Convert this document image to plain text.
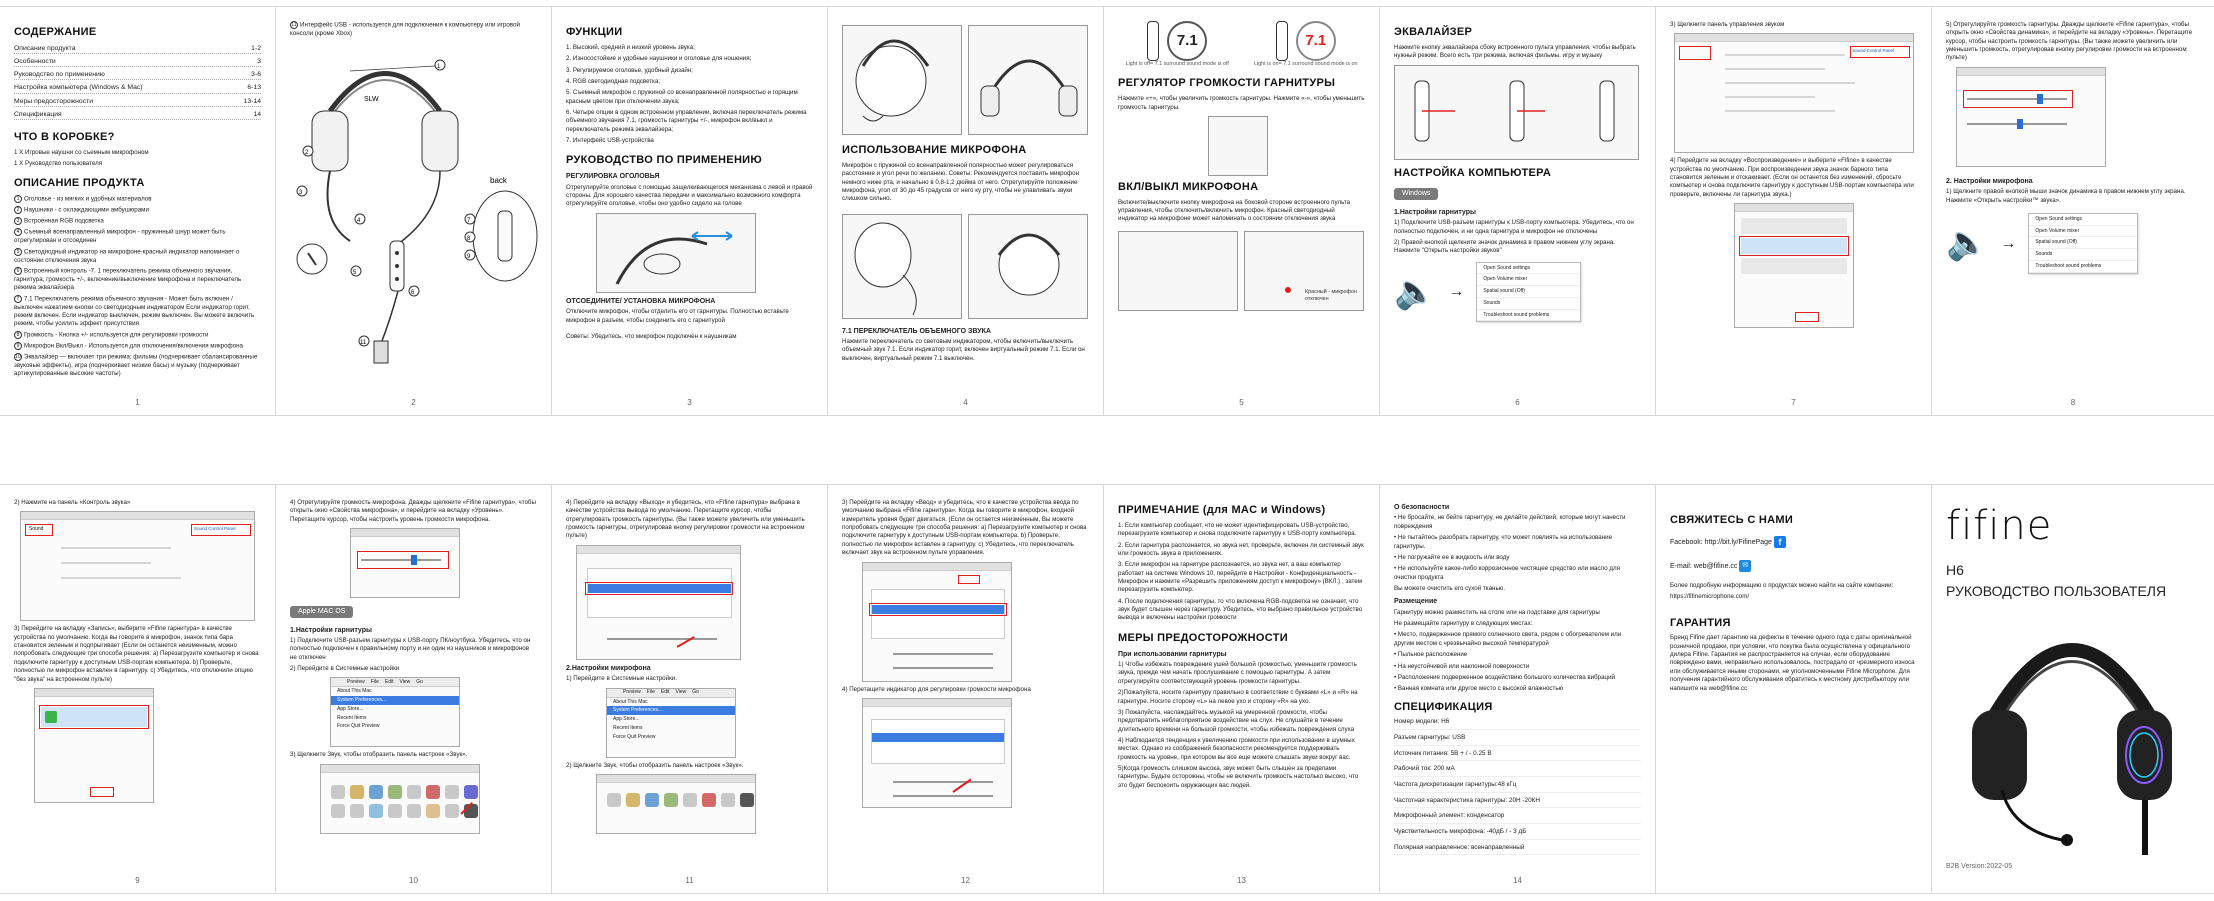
СОДЕРЖАНИЕ
Описание продукта	1-2
Особенности	3
Руководство по применению	3-6
Настройка компьютера (Windows & Mac)	6-13
Меры предосторожности	13-14
Спецификация	14
ЧТО В КОРОБКЕ?

1 X Игровые наушни со съемным микрофоном

1 X Руководство пользователя

ОПИСАНИЕ ПРОДУКТА

1 Оголовье - из мягких и удобных материалов

2 Наушники - с охлаждающими амбушюрами

3 Встроенная RGB подсветка

4 Съемный всенаправленный микрофон - пружинный шнур может быть отрегулирован и отсоединен

5 Светодиодный индикатор на микрофоне-красный индикатор напоминает о состоянии отключения звука

6 Встроенный контроль -7. 1 переключатель режима объемного звучания, гарнитура, громкость +/-, включение/выключение микрофона и переключатель режима эквалайзера

7 7.1 Переключатель режима объемного звучания - Может быть включен / выключен нажатием кнопки со светодиодным индикатором Если индикатор горит, режим включен. Если индикатор выключен, режим выключен. Вы можете включить режим, чтобы усилить эффект присутствия

8 Громкость - Кнопка +/- используется для регулировки громкости

9 Микрофон Вкл/Выкл - Используется для отключения/включения микрофона

10 Эквалайзер — включает три режима: фильмы (подчеркивает сбалансированные звуковые эффекты), игра (подчеркивает низкие басы) и музыку (подчеркивает артикулированные высокие частоты)

1

11 Интерфейс USB - используется для подключения к компьютеру или игровой консоли (кроме Xbox)

SLW
back
1
2
3
4
5
6
7
8
9
11
2
ФУНКЦИИ

1. Высокий, средний и низкий уровень звука;

2. Износостойкие и удобные наушники и оголовье для ношения;

3. Регулируемое оголовье, удобный дизайн;

4. RGB светодиодная подсветка;

5. Съемный микрофон с пружиной со всенаправленной полярностью и горящим красным цветом при отключении звука;

6. Четыре опции в одном встроенном управлении, включая переключатель режима объемного звучания 7.1, громкость гарнитуры +/-, микрофон вкл/выкл и переключатель режима эквалайзера;

7. Интерфейс USB-устройства

РУКОВОДСТВО ПО ПРИМЕНЕНИЮ
РЕГУЛИРОВКА ОГОЛОВЬЯ

Отрегулируйте оголовье с помощью защелкивающегося механизма с левой и правой стороны. Для хорошего качества передачи и максимально возможного комфорта отрегулируйте оголовье, чтобы оно удобно сидело на голове

ОТСОЕДИНИТЕ/ УСТАНОВКА МИКРОФОНА

Отключите микрофон, чтобы отделить его от гарнитуры. Полностью вставьте микрофон в разъем, чтобы соединить его с гарнитурой

Советы: Убедитесь, что микрофон подключен к наушникам

3
ИСПОЛЬЗОВАНИЕ МИКРОФОНА

Микрофон с пружиной со всенаправленной полярностью может регулироваться расстояние и угол речи по желанию. Советы: Рекомендуется поставить микрофон немного ниже рта, и начально в 0,8-1,2 дюйма от него. Отрегулируйте положение микрофона, угол от 30 до 45 градусов от него ку рту, чтобы не улавливать звуки слишком сильно.

7.1 ПЕРЕКЛЮЧАТЕЛЬ ОБЪЕМНОГО ЗВУКА

Нажмите переключатель со световым индикатором, чтобы включить/выключить объемный звук 7.1. Если индикатор горит, включен виртуальный режим 7.1. Если он выключен, виртуальный режим 7.1 выключен.

4
7.1
Light is off= 7.1 surround sound mode is off
7.1
Light is on= 7.1 surround sound mode is on
РЕГУЛЯТОР ГРОМКОСТИ ГАРНИТУРЫ

Нажмите «+», чтобы увеличить громкость гарнитуры. Нажмите «-», чтобы уменьшить громкость гарнитуры.

ВКЛ/ВЫКЛ МИКРОФОНА

Включите/выключите кнопку микрофона на боковой стороне встроенного пульта управления, чтобы отключить/включить микрофон. Красный светодиодный индикатор на микрофоне может напоминать о состоянии отключения звука

Красный - микрофон отключен
5
ЭКВАЛАЙЗЕР

Нажмите кнопку эквалайзера сбоку встроенного пульта управления, чтобы выбрать нужный режим. Всего есть три режима, включая фильмы, игру и музыку

НАСТРОЙКА КОМПЬЮТЕРА
Windows
1.Настройки гарнитуры

1) Подключите USB-разъем гарнитуры к USB-порту компьютера. Убедитесь, что он полностью подключен, и ни одна гарнитура и микрофон не отключены

2) Правой кнопкой щелкните значок динамика в правом нижнем углу экрана. Нажмите "Открыть настройки звуков"

🔈 →
Open Sound settings
Open Volume mixer
Spatial sound (Off)
Sounds
Troubleshoot sound problems
6

3) Щелкните панель управления звуком

Sound Control Panel

4) Перейдите на вкладку «Воспроизведение» и выберите «Fifine» в качестве устройства по умолчанию. При воспроизведении звука значок барного типа становится зеленым и отскакивает. (Если он останется без изменений, сбросьте компьютер и снова подключите гарнитуру к доступным USB-портам компьютера или проверьте, включены ли гарнитура звука.)

7

5) Отрегулируйте громкость гарнитуры. Дважды щелкните «Fifine гарнитура», чтобы открыть окно «Свойства динамика», и перейдите на вкладку «Уровень». Перетащите курсор, чтобы настроить громкость гарнитуры. (Вы также можете увеличить или уменьшить громкость, отрегулировав кнопку регулировки громкости на встроенном пульте)

2. Настройки микрофона

1) Щелкните правой кнопкой мыши значок динамика в правом нижнем углу экрана. Нажмите «Открыть настройки™ звука».

🔈 →
Open Sound settings
Open Volume mixer
Spatial sound (Off)
Sounds
Troubleshoot sound problems
8

2) Нажмите на панель «Контроль звука»

Sound	Sound Control Panel

3) Перейдите на вкладку «Запись», выберите «Fifine гарнитура» в качестве устройства по умолчанию. Когда вы говорите в микрофон, значок типа бара становится зеленым и подпрыгивает (Если он останется неизменным, можно попробовать следующие три способа решения: а) Перезагрузите компьютер и снова подключите гарнитуру к доступным USB-портам компьютера. b) Проверьте, полностью ли микрофон вставлен в гарнитуру. c) Убедитесь, что отключили опцию "без звука" на встроенном пульте)

9

4) Отрегулируйте громкость микрофона. Дважды щелкните «Fifine гарнитура», чтобы открыть окно «Свойства микрофона», и перейдите на вкладку «Уровень». Перетащите курсор, чтобы настроить уровень громкости микрофона.

Apple MAC OS
1.Настройки гарнитуры

1) Подключите USB-разъем гарнитуры к USB-порту ПК/ноутбука. Убедитесь, что он полностью подключен к правильному порту и ни один из наушников и микрофонов не отключен

2) Перейдите в Системные настройки

Preview File Edit View Go
About This Mac
System Preferences...
App Store...
Recent Items
Force Quit Preview

3) Щелкните Звук, чтобы отобразить панель настроек «Звук».

10

4) Перейдите на вкладку «Выход» и убедитесь, что «Fifine гарнитура» выбрана в качестве устройства вывода по умолчанию. Перетащите курсор, чтобы отрегулировать громкость гарнитуры. (Вы также можете увеличить или уменьшить громкость гарнитуры, отрегулировав кнопку регулировки громкости на встроенном пульте)

2.Настройки микрофона

1) Перейдите в Системные настройки.

Preview File Edit View Go
About This Mac
System Preferences...
App Store...
Recent Items
Force Quit Preview

2) Щелкните Звук, чтобы отобразить панель настроек «Звук».

11

3) Перейдите на вкладку «Ввод» и убедитесь, что в качестве устройства ввода по умолчанию выбрана «Fifine гарнитура». Когда вы говорите в микрофон, входной измеритель уровня будет двигаться. (Если он остается неизменным, Вы можете попробовать следующие три способа решения: a) Перезагрузите компьютер и снова подключите гарнитуру к доступным USB-портам компьютера. b) Проверьте, полностью ли микрофон вставлен в гарнитуру. c) Убедитесь, что переключатель включает звук на встроенном пульте управления.

4) Перетащите индикатор для регулировки громкости микрофона

12
ПРИМЕЧАНИЕ (для MAC и Windows)

1. Если компьютер сообщает, что не может идентифицировать USB-устройство, перезагрузите компьютер и снова подключите гарнитуру к USB-порту компьютера.

2. Если гарнитура распознается, но звука нет, проверьте, включен ли системный звук или громкость звука в приложениях.

3. Если микрофон на гарнитуре распознается, но звука нет, а ваш компьютер работает на системе Windows 10, перейдите в Настройки - Конфиденциальность - Микрофон и нажмите «Разрешить приложениям доступ к микрофону» (ВКЛ.) , затем перезагрузить компьютер.

4. После подключения гарнитуры, то что включена RGB-подсветка не означает, что звук будет слышен через гарнитуру. Убедитесь, что выбрано правильное устройство вывода и включены настройки громкости

МЕРЫ ПРЕДОСТОРОЖНОСТИ
При использовании гарнитуры

1) Чтобы избежать повреждения ушей большой громкостью, уменьшите громкость звука, прежде чем начать прослушивание с помощью гарнитуры. А затем отрегулируйте соответствующий уровень громкости гарнитуры.

2)Пожалуйста, носите гарнитуру правильно в соответствии с буквами «L» и «R» на гарнитуре. Носите сторону «L» на левое ухо и сторону «R» на ухо.

3) Пожалуйста, наслаждайтесь музыкой на умеренной громкости, чтобы предотвратить неблагоприятное воздействие на слух. Не слушайте в течение длительного времени на большой громкости, чтобы избежать повреждения слуха

4) Наблюдается тенденция к увеличению громкости при использовании в шумных местах. Однако из соображений безопасности рекомендуется поддерживать громкость на уровне, при котором вы все еще можете слышать звуки вокруг вас.

5)Когда громкость слишком высока, звук может быть слышен за пределами гарнитуры. Будьте осторожны, чтобы не включить громкость настолько высоко, что это будет беспокоить окружающих вас людей.

13
О безопасности

• Не бросайте, не бейте гарнитуру, не делайте действий, которые могут нанести повреждения

• Не пытайтесь разобрать гарнитуру, что может повлиять на использование гарнитуры.

• Не погружайте ее в жидкость или воду

• Не используйте какое-либо коррозионное чистящее средство или масло для очистки продукта

Вы можете очистить его сухой тканью.

Размещение

Гарнитуру можно разместить на столе или на подставке для гарнитуры

Не размещайте гарнитуру в следующих местах:

• Место, подверженное прямого солнечного света, рядом с обогревателем или другим местом с чрезвычайно высокой температурой

• Пыльное расположение

• На неустойчивой или наклонной поверхности

• Расположение подверженное воздействию большого количества вибраций

• Ванная комната или другое место с высокой влажностью

СПЕЦИФИКАЦИЯ
Номер модели: H6
Разъем гарнитуры: USB
Источник питания: 5В + / - 0.25 В
Рабочий ток: 200 мА
Частота дискретизации гарнитуры:48 кГц
Частотная характеристика гарнитуры: 20Н -20КН
Микрофонный элемент: конденсатор
Чувствительность микрофона: -40дБ / - 3 дБ
Полярная направленное: всенаправленный
14
СВЯЖИТЕСЬ С НАМИ

Facebook: http://bit.ly/FifinePage f

E-mail: web@fifine.cc ✉

Более подробную информацию о продуктах можно найти на сайте компании:

https://fifinemicrophone.com/

ГАРАНТИЯ

Бренд Fifine дает гарантию на дефекты в течение одного года с даты оригинальной розничной продажи, при условии, что покупка была осуществлена у официального дилера Fifine. Гарантия не распространяется на случаи, если оборудование повреждено вами, неправильно использовалось, пострадало от чрезмерного износа или обслуживается иными сторонами, не уполномоченными Fifine Microphone. Для получения гарантийного обслуживания обратитесь к местному дистрибьютору или напишите на web@fifine.cc

fifine
H6
РУКОВОДСТВО ПОЛЬЗОВАТЕЛЯ
B2B Version:2022-05
